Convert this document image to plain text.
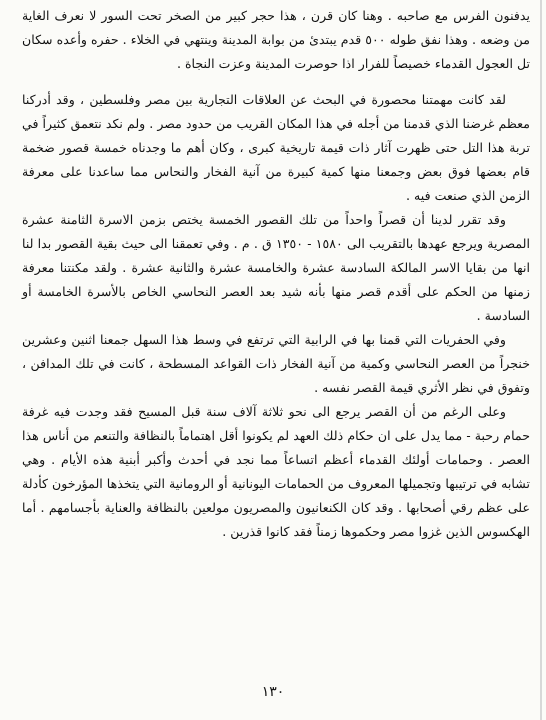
يدفنون الفرس مع صاحبه . وهنا كان قرن ، هذا حجر كبير من الصخر تحت السور لا نعرف الغاية من وضعه . وهذا نفق طوله ٥٠٠ قدم يبتدئ من بوابة المدينة وينتهي في الخلاء . حفره وأعده سكان تل العجول القدماء خصيصاً للفرار اذا حوصرت المدينة وعزت النجاة .

لقد كانت مهمتنا محصورة في البحث عن العلاقات التجارية بين مصر وفلسطين ، وقد أدركنا معظم غرضنا الذي قدمنا من أجله في هذا المكان القريب من حدود مصر . ولم نكد نتعمق كثيراً في تربة هذا التل حتى ظهرت آثار ذات قيمة تاريخية كبرى ، وكان أهم ما وجدناه خمسة قصور ضخمة قام بعضها فوق بعض وجمعنا منها كمية كبيرة من آنية الفخار والنحاس مما ساعدنا على معرفة الزمن الذي صنعت فيه .

وقد تقرر لدينا أن قصراً واحداً من تلك القصور الخمسة يختص بزمن الاسرة الثامنة عشرة المصرية ويرجع عهدها بالتقريب الى ١٥٨٠ - ١٣٥٠ ق . م . وفي تعمقنا الى حيث بقية القصور بدا لنا انها من بقايا الاسر المالكة السادسة عشرة والخامسة عشرة والثانية عشرة . ولقد مكنتنا معرفة زمنها من الحكم على أقدم قصر منها بأنه شيد بعد العصر النحاسي الخاص بالأسرة الخامسة أو السادسة .

وفي الحفريات التي قمنا بها في الرابية التي ترتفع في وسط هذا السهل جمعنا اثنين وعشرين خنجراً من العصر النحاسي وكمية من آنية الفخار ذات القواعد المسطحة ، كانت في تلك المدافن ، وتفوق في نظر الأثري قيمة القصر نفسه .

وعلى الرغم من أن القصر يرجع الى نحو ثلاثة آلاف سنة قبل المسيح فقد وجدت فيه غرفة حمام رحبة - مما يدل على ان حكام ذلك العهد لم يكونوا أقل اهتماماً بالنظافة والتنعم من أناس هذا العصر . وحمامات أولئك القدماء أعظم اتساعاً مما نجد في أحدث وأكبر أبنية هذه الأيام . وهي تشابه في ترتيبها وتجميلها المعروف من الحمامات اليونانية أو الرومانية التي يتخذها المؤرخون كأدلة على عظم رقي أصحابها . وقد كان الكنعانيون والمصريون مولعين بالنظافة والعناية بأجسامهم . أما الهكسوس الذين غزوا مصر وحكموها زمناً فقد كانوا قذرين .

١٣٠
